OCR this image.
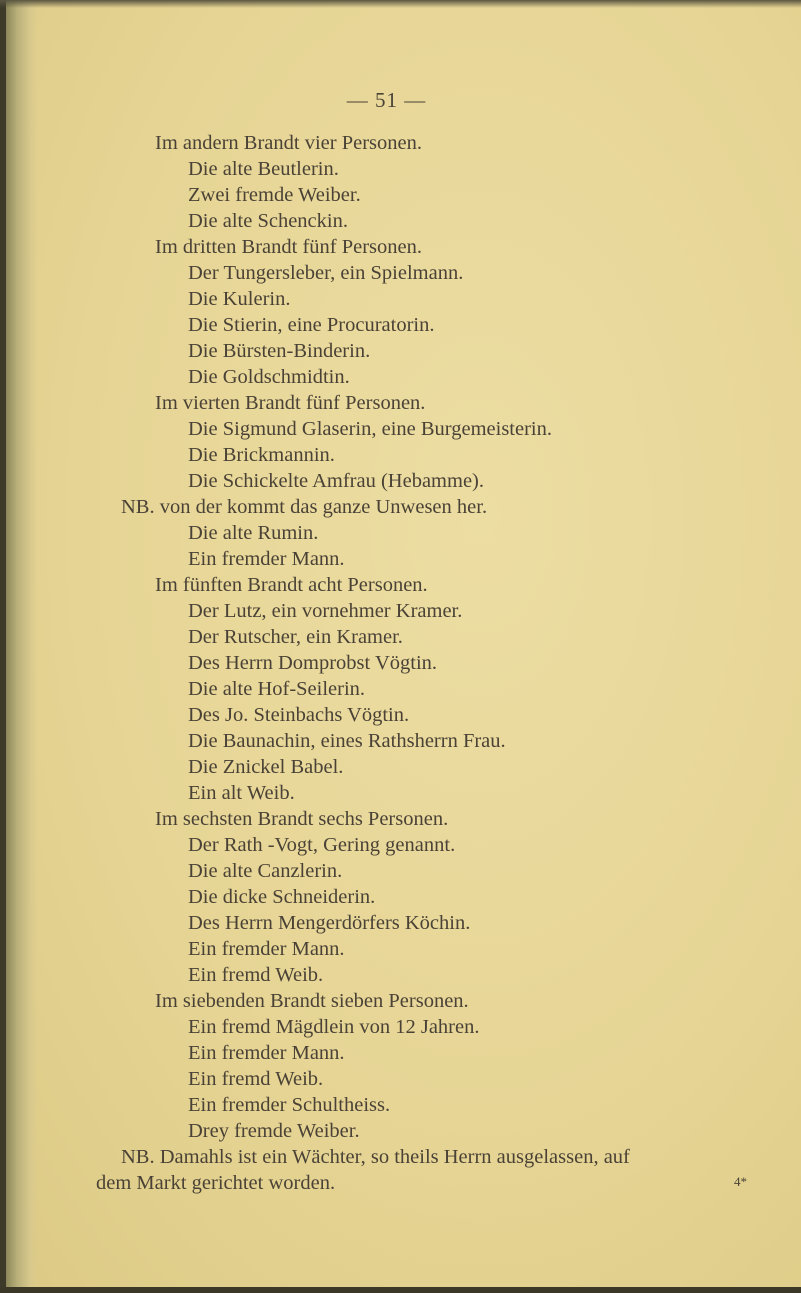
— 51 —
Im andern Brandt vier Personen.
Die alte Beutlerin.
Zwei fremde Weiber.
Die alte Schenckin.
Im dritten Brandt fünf Personen.
Der Tungersleber, ein Spielmann.
Die Kulerin.
Die Stierin, eine Procuratorin.
Die Bürsten-Binderin.
Die Goldschmidtin.
Im vierten Brandt fünf Personen.
Die Sigmund Glaserin, eine Burgemeisterin.
Die Brickmannin.
Die Schickelte Amfrau (Hebamme).
NB. von der kommt das ganze Unwesen her.
Die alte Rumin.
Ein fremder Mann.
Im fünften Brandt acht Personen.
Der Lutz, ein vornehmer Kramer.
Der Rutscher, ein Kramer.
Des Herrn Domprobst Vögtin.
Die alte Hof-Seilerin.
Des Jo. Steinbachs Vögtin.
Die Baunachin, eines Rathsherrn Frau.
Die Znickel Babel.
Ein alt Weib.
Im sechsten Brandt sechs Personen.
Der Rath -Vogt, Gering genannt.
Die alte Canzlerin.
Die dicke Schneiderin.
Des Herrn Mengerdörfers Köchin.
Ein fremder Mann.
Ein fremd Weib.
Im siebenden Brandt sieben Personen.
Ein fremd Mägdlein von 12 Jahren.
Ein fremder Mann.
Ein fremd Weib.
Ein fremder Schultheiss.
Drey fremde Weiber.
NB. Damahls ist ein Wächter, so theils Herrn ausgelassen, auf
dem Markt gerichtet worden.	4*
